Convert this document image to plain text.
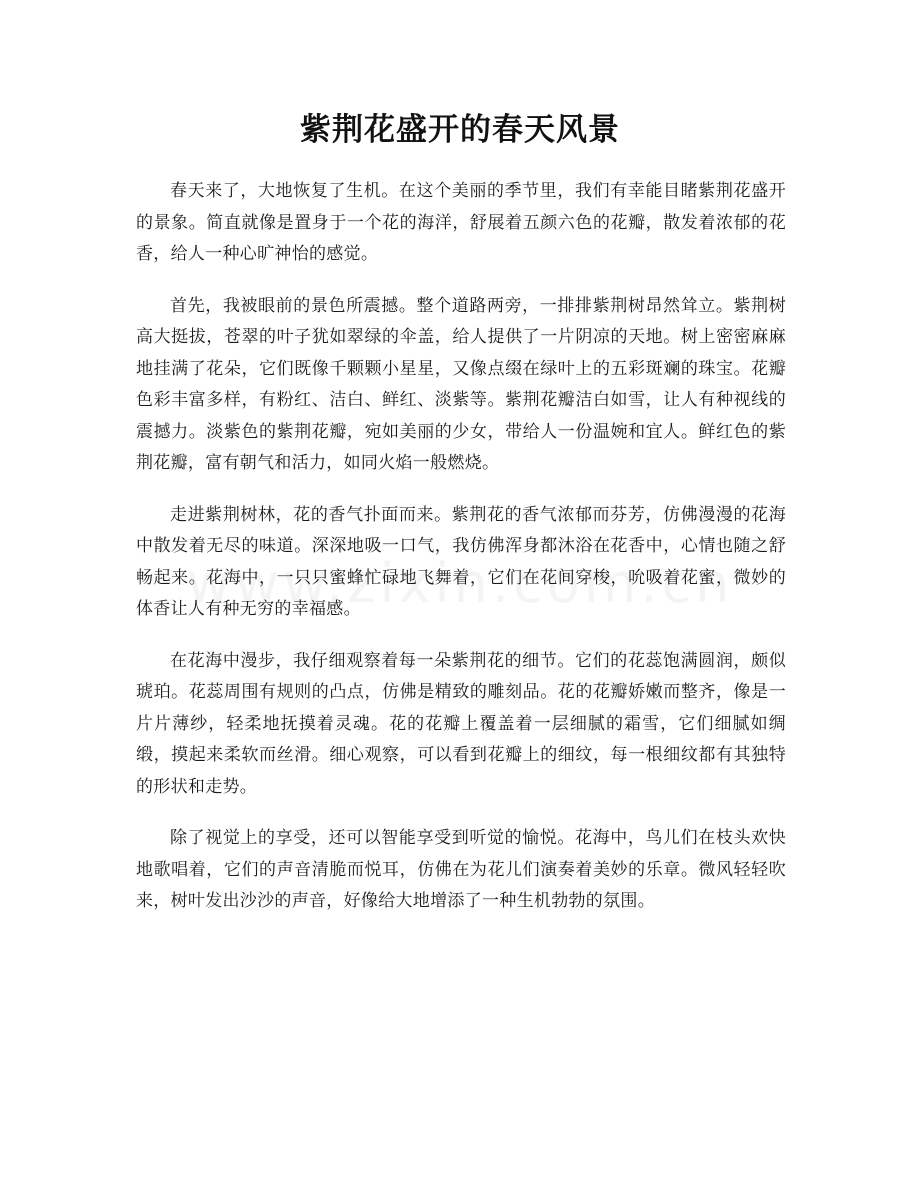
紫荆花盛开的春天风景

春天来了，大地恢复了生机。在这个美丽的季节里，我们有幸能目睹紫荆花盛开的景象。简直就像是置身于一个花的海洋，舒展着五颜六色的花瓣，散发着浓郁的花香，给人一种心旷神怡的感觉。

首先，我被眼前的景色所震撼。整个道路两旁，一排排紫荆树昂然耸立。紫荆树高大挺拔，苍翠的叶子犹如翠绿的伞盖，给人提供了一片阴凉的天地。树上密密麻麻地挂满了花朵，它们既像千颗颗小星星，又像点缀在绿叶上的五彩斑斓的珠宝。花瓣色彩丰富多样，有粉红、洁白、鲜红、淡紫等。紫荆花瓣洁白如雪，让人有种视线的震撼力。淡紫色的紫荆花瓣，宛如美丽的少女，带给人一份温婉和宜人。鲜红色的紫荆花瓣，富有朝气和活力，如同火焰一般燃烧。

走进紫荆树林，花的香气扑面而来。紫荆花的香气浓郁而芬芳，仿佛漫漫的花海中散发着无尽的味道。深深地吸一口气，我仿佛浑身都沐浴在花香中，心情也随之舒畅起来。花海中，一只只蜜蜂忙碌地飞舞着，它们在花间穿梭，吮吸着花蜜，微妙的体香让人有种无穷的幸福感。

在花海中漫步，我仔细观察着每一朵紫荆花的细节。它们的花蕊饱满圆润，颇似琥珀。花蕊周围有规则的凸点，仿佛是精致的雕刻品。花的花瓣娇嫩而整齐，像是一片片薄纱，轻柔地抚摸着灵魂。花的花瓣上覆盖着一层细腻的霜雪，它们细腻如绸缎，摸起来柔软而丝滑。细心观察，可以看到花瓣上的细纹，每一根细纹都有其独特的形状和走势。

除了视觉上的享受，还可以智能享受到听觉的愉悦。花海中，鸟儿们在枝头欢快地歌唱着，它们的声音清脆而悦耳，仿佛在为花儿们演奏着美妙的乐章。微风轻轻吹来，树叶发出沙沙的声音，好像给大地增添了一种生机勃勃的氛围。
